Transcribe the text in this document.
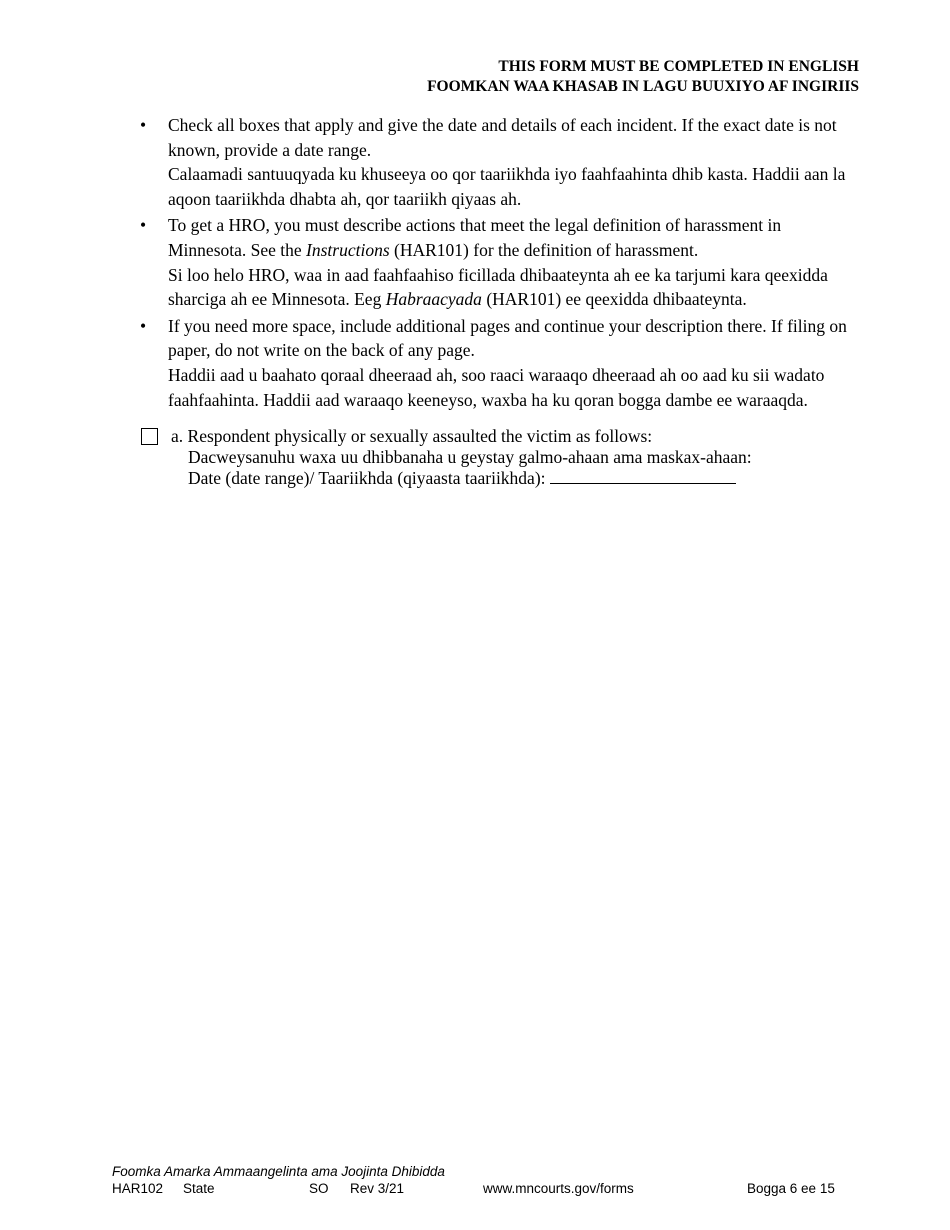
THIS FORM MUST BE COMPLETED IN ENGLISH
FOOMKAN WAA KHASAB IN LAGU BUUXIYO AF INGIRIIS
•	Check all boxes that apply and give the date and details of each incident. If the exact date is not known, provide a date range.

Calaamadi santuuqyada ku khuseeya oo qor taariikhda iyo faahfaahinta dhib kasta. Haddii aan la aqoon taariikhda dhabta ah, qor taariikh qiyaas ah.

•	To get a HRO, you must describe actions that meet the legal definition of harassment in Minnesota. See the Instructions (HAR101) for the definition of harassment.

Si loo helo HRO, waa in aad faahfaahiso ficillada dhibaateynta ah ee ka tarjumi kara qeexidda sharciga ah ee Minnesota. Eeg Habraacyada (HAR101) ee qeexidda dhibaateynta.

•	If you need more space, include additional pages and continue your description there. If filing on paper, do not write on the back of any page.

Haddii aad u baahato qoraal dheeraad ah, soo raaci waraaqo dheeraad ah oo aad ku sii wadato faahfaahinta. Haddii aad waraaqo keeneyso, waxba ha ku qoran bogga dambe ee waraaqda.

a. Respondent physically or sexually assaulted the victim as follows:
Dacweysanuhu waxa uu dhibbanaha u geystay galmo-ahaan ama maskax-ahaan:
Date (date range)/ Taariikhda (qiyaasta taariikhda):
Foomka Amarka Ammaangelinta ama Joojinta Dhibidda
HAR102 State	SO Rev 3/21	www.mncourts.gov/forms	Bogga 6 ee 15
